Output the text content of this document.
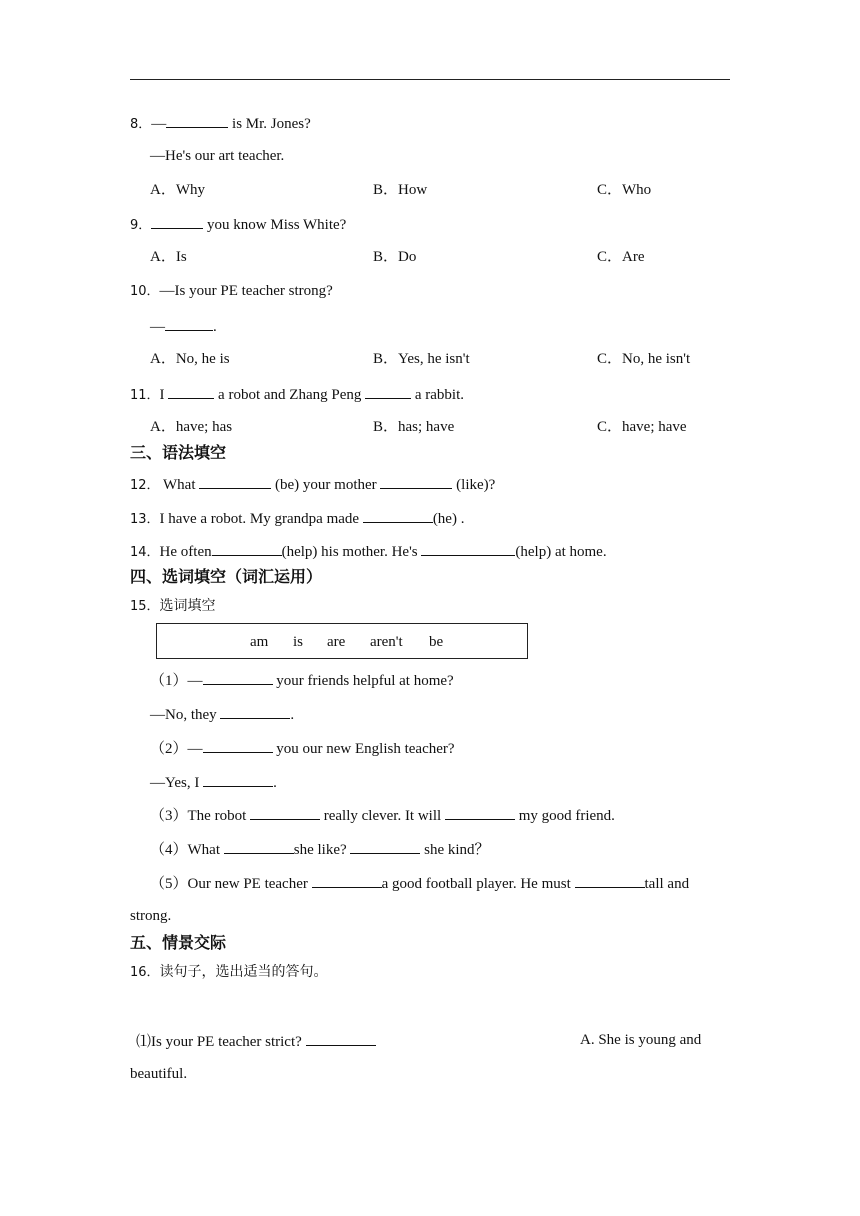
8．—	is Mr. Jones?
—He's our art teacher.
A．Why	B．How	C．Who
9．	you know Miss White?
A．Is	B．Do	C．Are
10．—Is your PE teacher strong?
—	.
A．No, he is	B．Yes, he isn't	C．No, he isn't
11．I	a robot and Zhang Peng	a rabbit.
A．have; has	B．has; have	C．have; have
三、语法填空
12． What	(be) your mother	(like)?
13．I have a robot. My grandpa made	(he) .
14．He often	(help) his mother. He's	(help) at home.
四、选词填空（词汇运用）
15．选词填空
am is are aren't be
（1）—	your friends helpful at home?
—No, they	.
（2）—	you our new English teacher?
—Yes, I	.
（3）The robot	really clever. It will	my good friend.
（4）What	she like?	she kind？
（5）Our new PE teacher	a good football player. He must	tall and
strong.
五、情景交际
16．读句子，选出适当的答句。
⑴Is your PE teacher strict?	A. She is young and
beautiful.
